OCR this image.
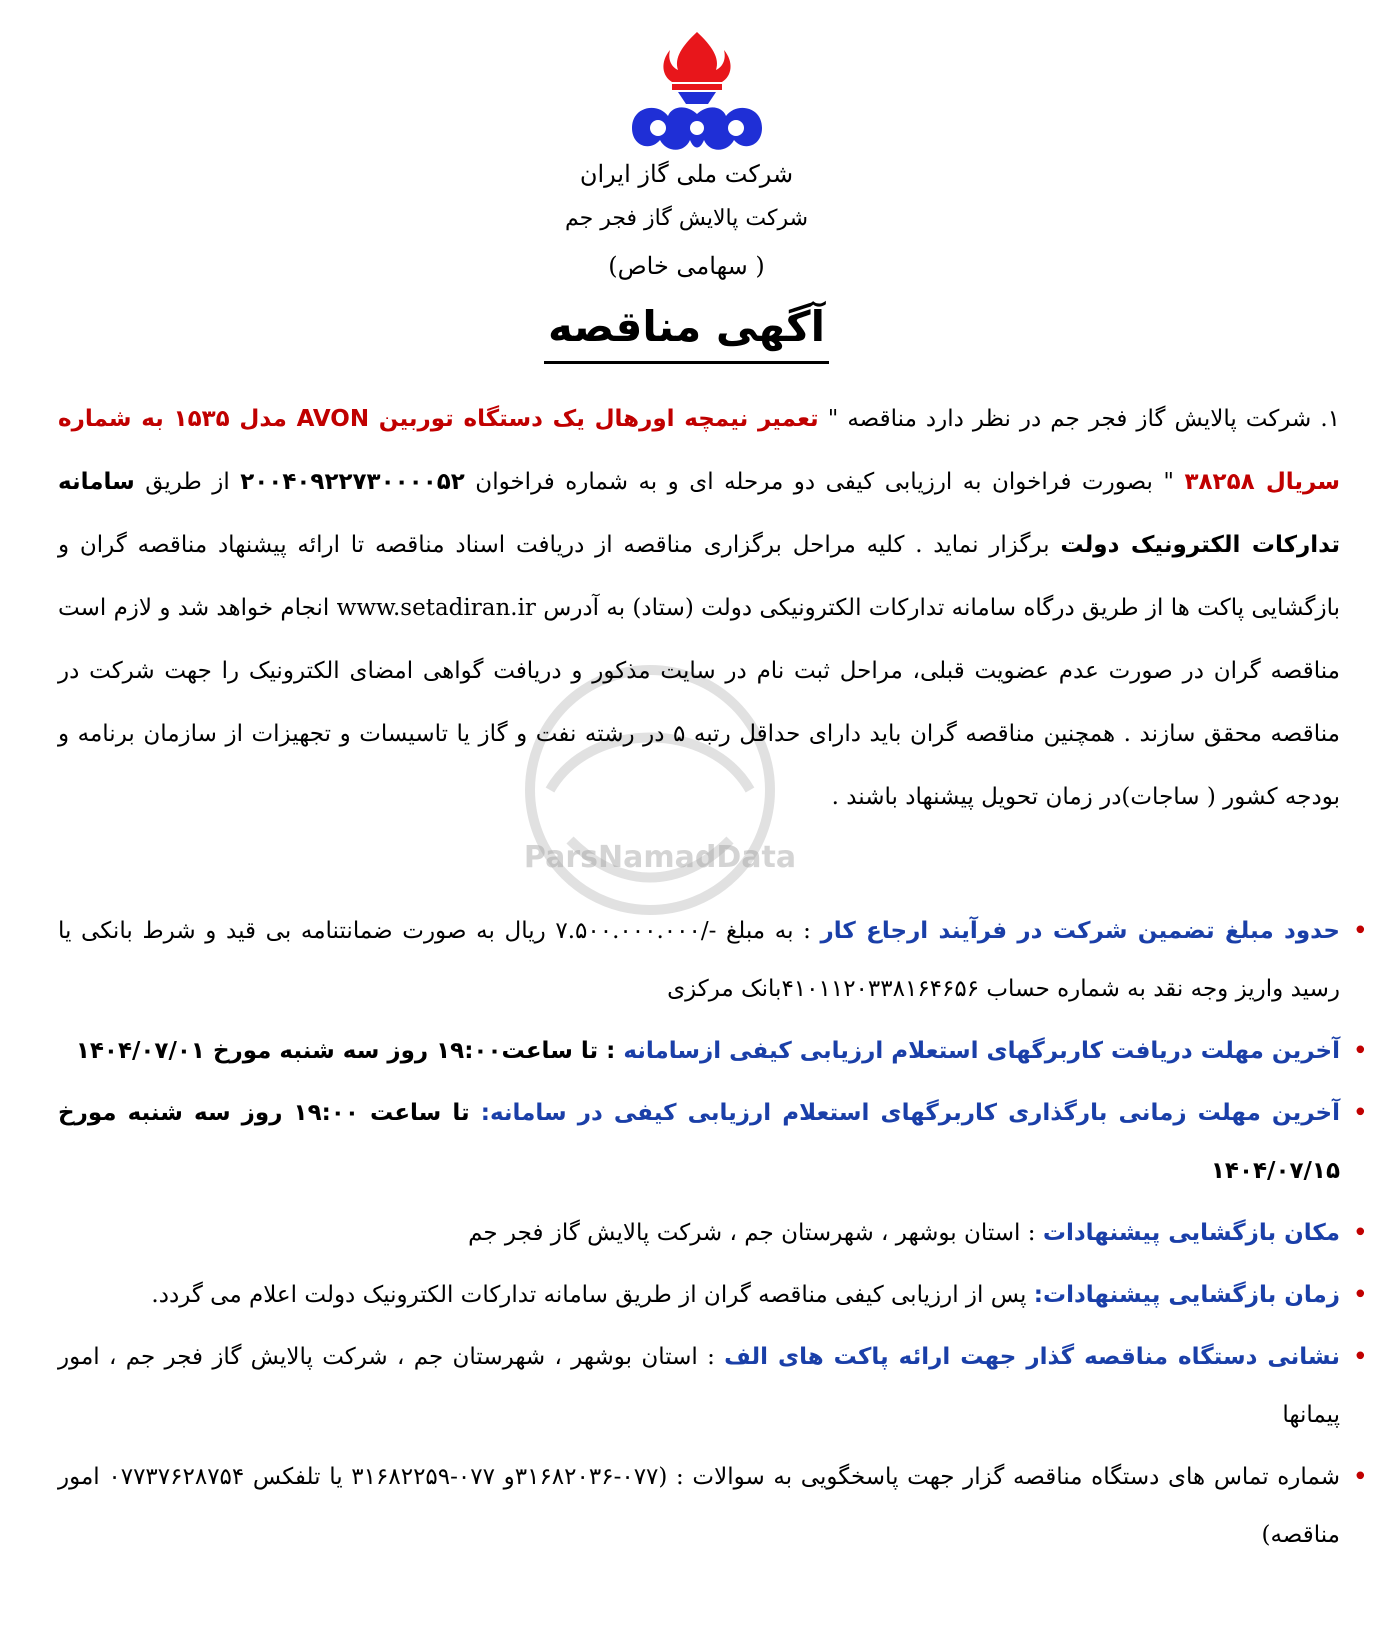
شرکت ملی گاز ایران
شرکت پالایش گاز فجر جم
( سهامی خاص)
آگهی مناقصه
ParsNamadData
۱. شرکت پالایش گاز فجر جم در نظر دارد مناقصه " تعمیر نیمچه اورهال یک دستگاه توربین AVON مدل ۱۵۳۵ به شماره سریال ۳۸۲۵۸ " بصورت فراخوان به ارزیابی کیفی دو مرحله ای و به شماره فراخوان ۲۰۰۴۰۹۲۲۷۳۰۰۰۰۵۲ از طریق سامانه تدارکات الکترونیک دولت برگزار نماید . کلیه مراحل برگزاری مناقصه از دریافت اسناد مناقصه تا ارائه پیشنهاد مناقصه گران و بازگشایی پاکت ها از طریق درگاه سامانه تدارکات الکترونیکی دولت (ستاد) به آدرس www.setadiran.ir انجام خواهد شد و لازم است مناقصه گران در صورت عدم عضویت قبلی، مراحل ثبت نام در سایت مذکور و دریافت گواهی امضای الکترونیک را جهت شرکت در مناقصه محقق سازند . همچنین مناقصه گران باید دارای حداقل رتبه ۵ در رشته نفت و گاز یا تاسیسات و تجهیزات از سازمان برنامه و بودجه کشور ( ساجات)در زمان تحویل پیشنهاد باشند .
• حدود مبلغ تضمین شرکت در فرآیند ارجاع کار : به مبلغ -/۷.۵۰۰.۰۰۰.۰۰۰ ریال به صورت ضمانتنامه بی قید و شرط بانکی یا رسید واریز وجه نقد به شماره حساب ۴۱۰۱۱۲۰۳۳۸۱۶۴۶۵۶بانک مرکزی
• آخرین مهلت دریافت کاربرگهای استعلام ارزیابی کیفی ازسامانه : تا ساعت۱۹:۰۰ روز سه شنبه مورخ ۱۴۰۴/۰۷/۰۱
• آخرین مهلت زمانی بارگذاری کاربرگهای استعلام ارزیابی کیفی در سامانه: تا ساعت ۱۹:۰۰ روز سه شنبه مورخ ۱۴۰۴/۰۷/۱۵
• مکان بازگشایی پیشنهادات : استان بوشهر ، شهرستان جم ، شرکت پالایش گاز فجر جم
• زمان بازگشایی پیشنهادات: پس از ارزیابی کیفی مناقصه گران از طریق سامانه تدارکات الکترونیک دولت اعلام می گردد.
• نشانی دستگاه مناقصه گذار جهت ارائه پاکت های الف : استان بوشهر ، شهرستان جم ، شرکت پالایش گاز فجر جم ، امور پیمانها
• شماره تماس های دستگاه مناقصه گزار جهت پاسخگویی به سوالات : (۰۷۷-۳۱۶۸۲۰۳۶و ۰۷۷-۳۱۶۸۲۲۵۹ یا تلفکس ۰۷۷۳۷۶۲۸۷۵۴ امور مناقصه)
